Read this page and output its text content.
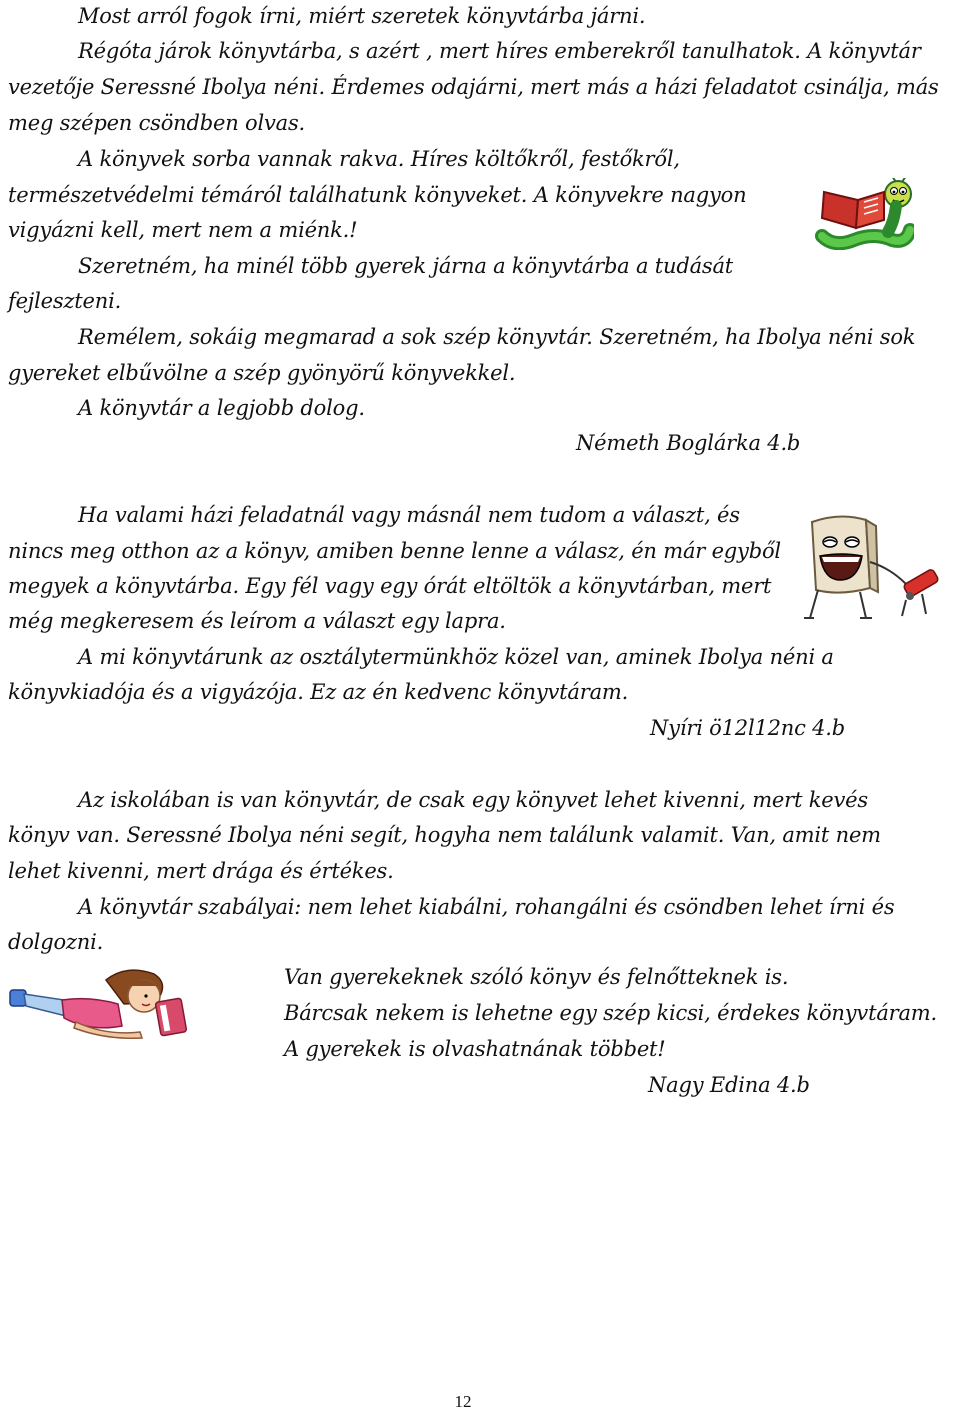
Most arról fogok írni, miért szeretek könyvtárba járni.
Régóta járok könyvtárba, s azért , mert híres emberekről tanulhatok. A könyvtár
vezetője Seressné Ibolya néni. Érdemes odajárni, mert más a házi feladatot csinálja, más
meg szépen csöndben olvas.
A könyvek sorba vannak rakva. Híres költőkről, festőkről,
természetvédelmi témáról találhatunk könyveket. A könyvekre nagyon
vigyázni kell, mert nem a miénk.!
Szeretném, ha minél több gyerek járna a könyvtárba a tudását
fejleszteni.
Remélem, sokáig megmarad a sok szép könyvtár. Szeretném, ha Ibolya néni sok
gyereket elbűvölne a szép gyönyörű könyvekkel.
A könyvtár a legjobb dolog.
Németh Boglárka 4.b
Ha valami házi feladatnál vagy másnál nem tudom a választ, és
nincs meg otthon az a könyv, amiben benne lenne a válasz, én már egyből
megyek a könyvtárba. Egy fél vagy egy órát eltöltök a könyvtárban, mert
még megkeresem és leírom a választ egy lapra.
A mi könyvtárunk az osztálytermünkhöz közel van, aminek Ibolya néni a
könyvkiadója és a vigyázója. Ez az én kedvenc könyvtáram.
Nyíri ö12l12nc 4.b
Az iskolában is van könyvtár, de csak egy könyvet lehet kivenni, mert kevés
könyv van. Seressné Ibolya néni segít, hogyha nem találunk valamit. Van, amit nem
lehet kivenni, mert drága és értékes.
A könyvtár szabályai: nem lehet kiabálni, rohangálni és csöndben lehet írni és
dolgozni.
Van gyerekeknek szóló könyv és felnőtteknek is.
Bárcsak nekem is lehetne egy szép kicsi, érdekes könyvtáram.
A gyerekek is olvashatnának többet!
Nagy Edina 4.b
12
